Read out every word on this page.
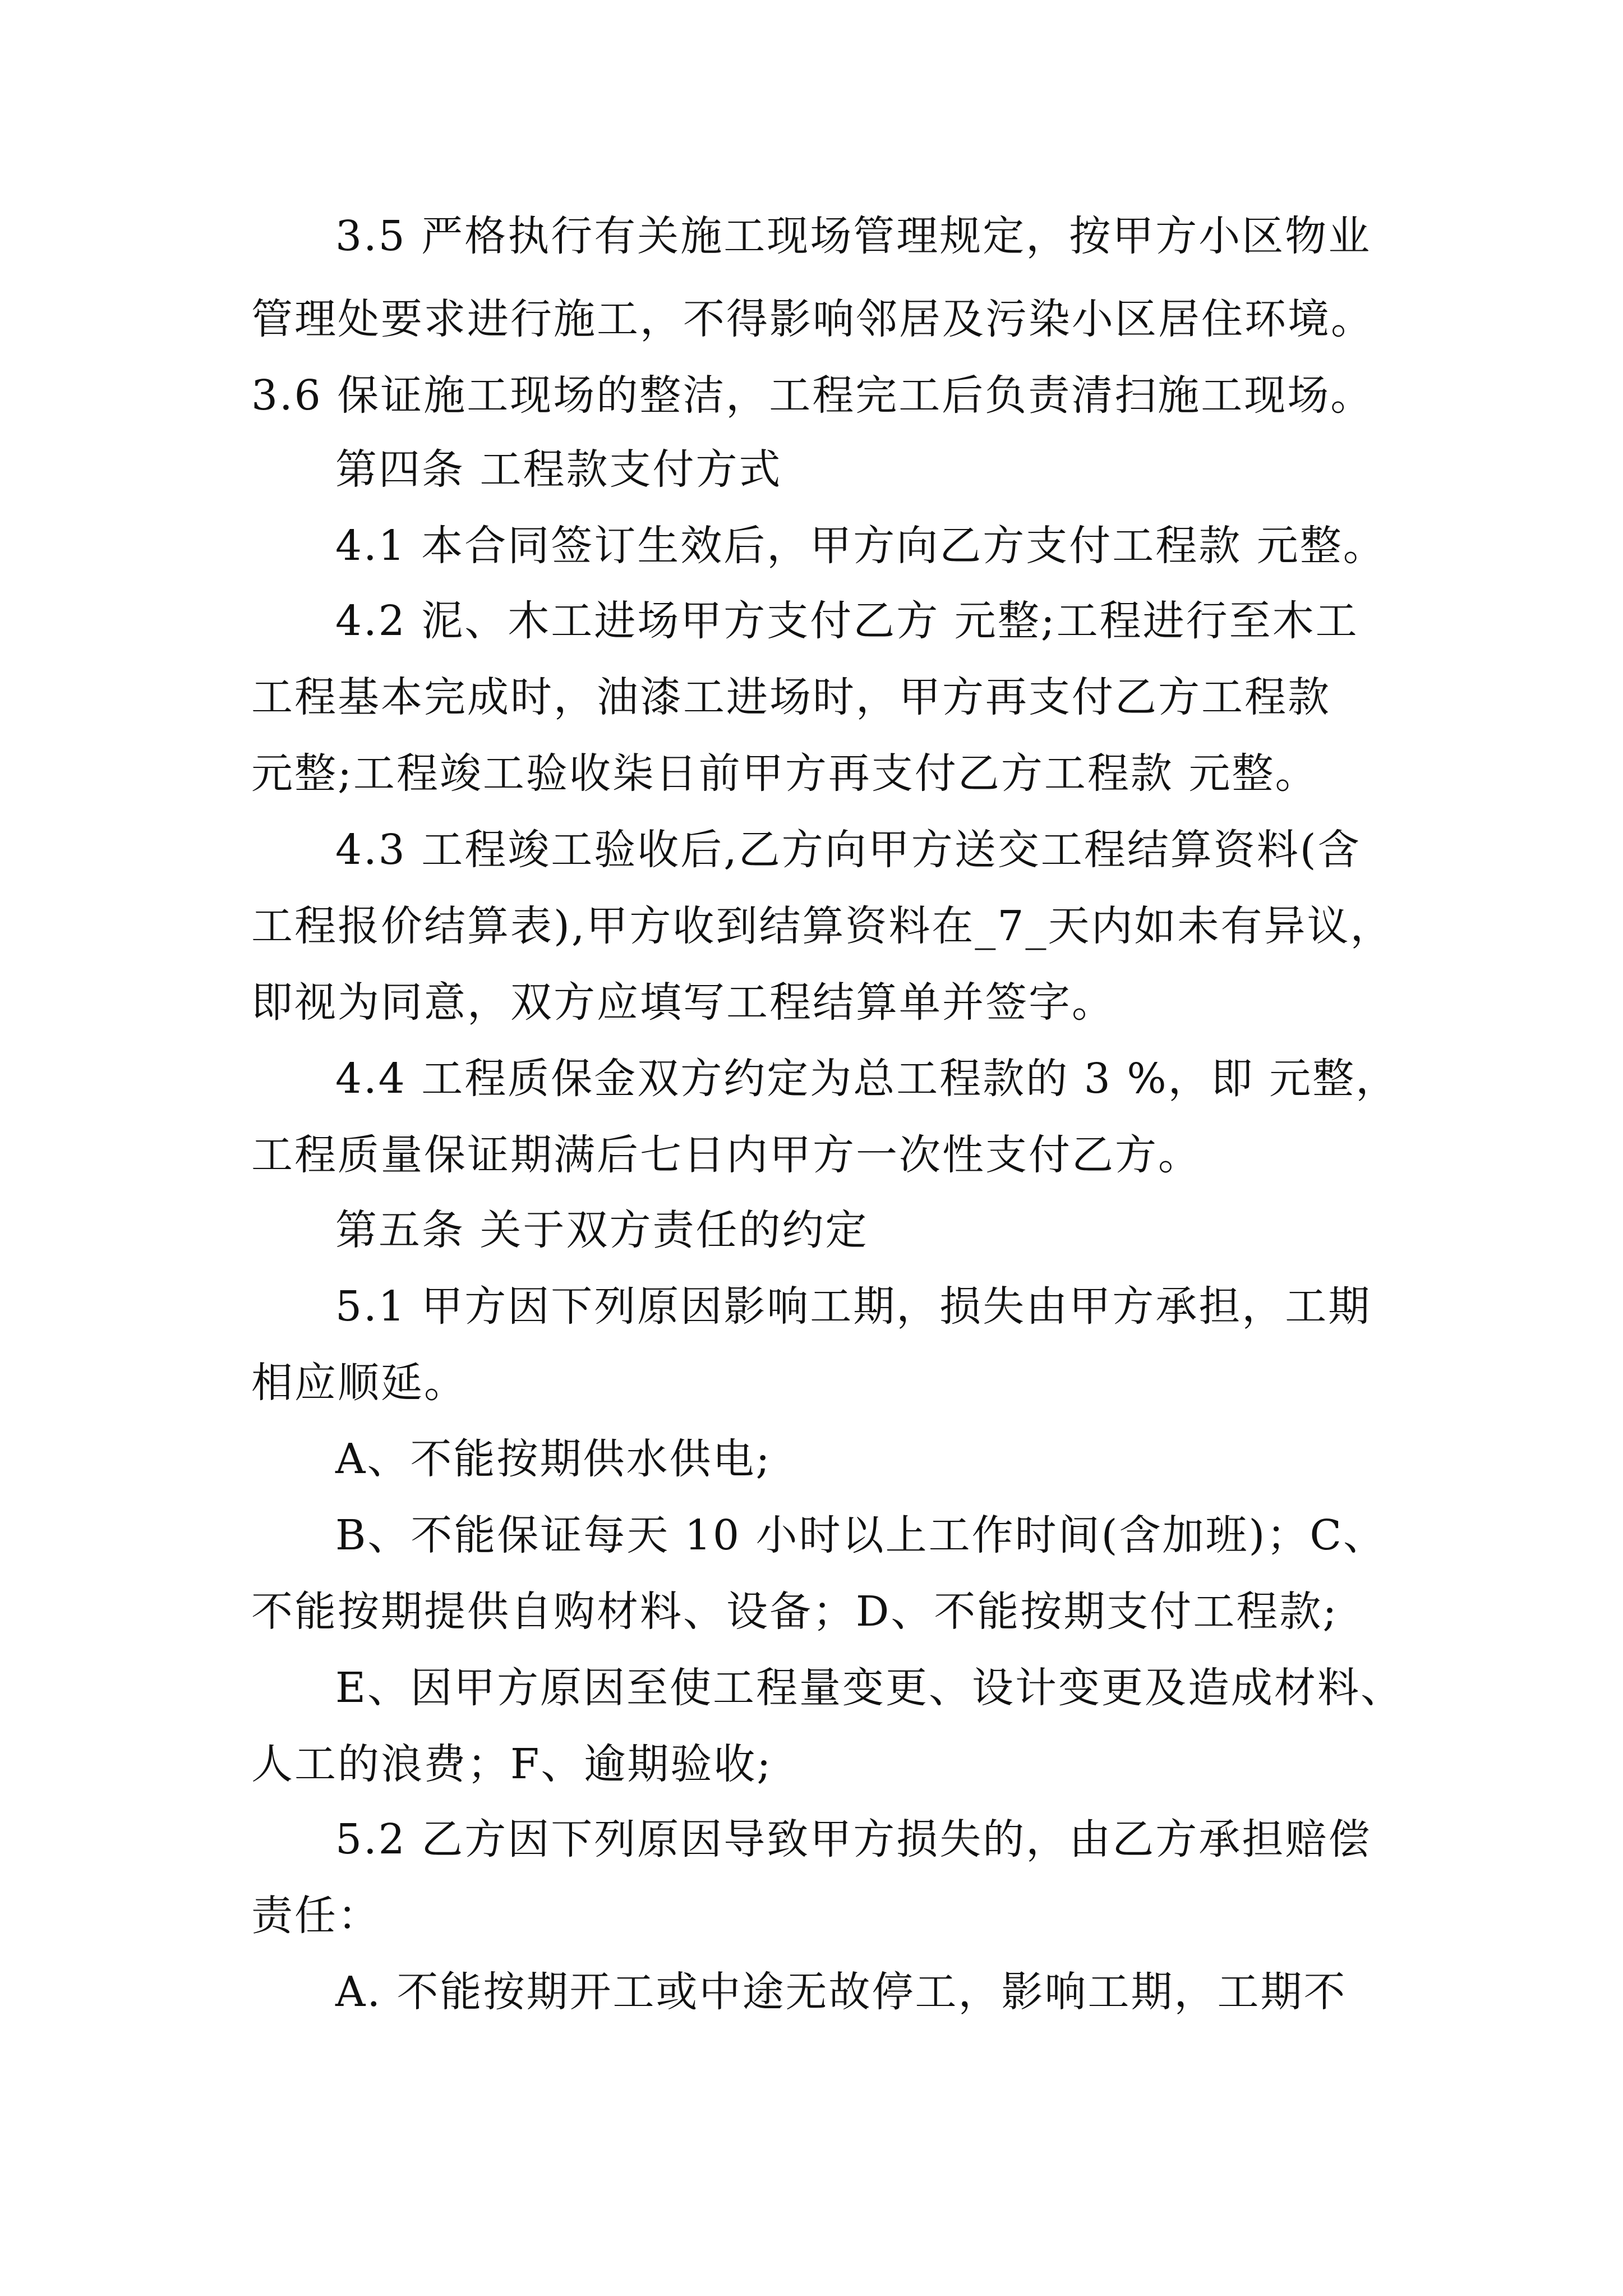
3.5 严格执行有关施工现场管理规定，按甲方小区物业
管理处要求进行施工，不得影响邻居及污染小区居住环境。
3.6 保证施工现场的整洁，工程完工后负责清扫施工现场。
第四条 工程款支付方式
4.1 本合同签订生效后，甲方向乙方支付工程款 元整。
4.2 泥、木工进场甲方支付乙方 元整;工程进行至木工
工程基本完成时，油漆工进场时，甲方再支付乙方工程款
元整;工程竣工验收柒日前甲方再支付乙方工程款 元整。
4.3 工程竣工验收后,乙方向甲方送交工程结算资料(含
工程报价结算表),甲方收到结算资料在_7_天内如未有异议，
即视为同意，双方应填写工程结算单并签字。
4.4 工程质保金双方约定为总工程款的 3 %，即 元整，
工程质量保证期满后七日内甲方一次性支付乙方。
第五条 关于双方责任的约定
5.1 甲方因下列原因影响工期，损失由甲方承担，工期
相应顺延。
A、不能按期供水供电;
B、不能保证每天 10 小时以上工作时间(含加班)；C、
不能按期提供自购材料、设备；D、不能按期支付工程款;
E、因甲方原因至使工程量变更、设计变更及造成材料、
人工的浪费；F、逾期验收;
5.2 乙方因下列原因导致甲方损失的，由乙方承担赔偿
责任：
A. 不能按期开工或中途无故停工，影响工期，工期不
